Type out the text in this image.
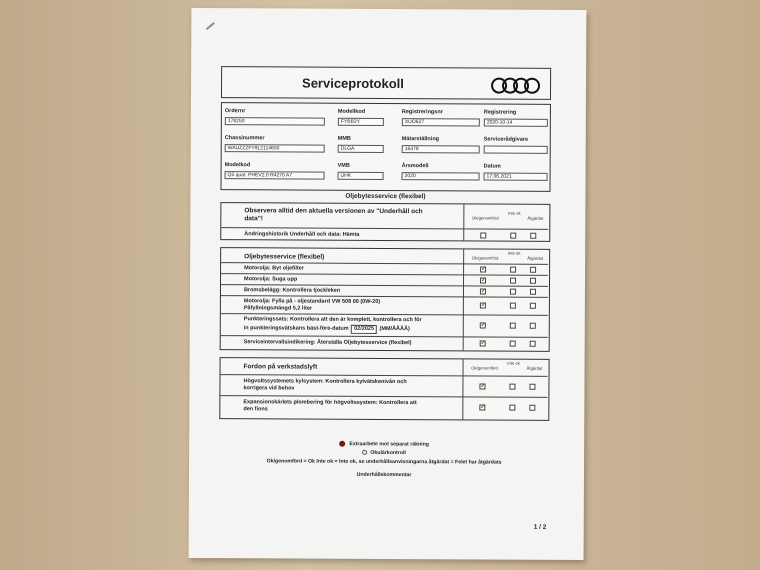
Serviceprotokoll
Ordernr
178250
Modellkod
FYBB2Y
Registreringsnr
XUO627
Registrering
2020-10-14
Chassinummer
WAUZZZFY9L2114650
MMB
DLGA
Mätarställning
16478
Servicerådgivare
Modelkod
Q5 quat. PHEV2.0 R4270 A7
VMB
UHK
Årsmodell
2020
Datum
17.06.2021
Oljebytesservice (flexibel)
Observera alltid den aktuella versionen av "Underhåll och
data"!	Ok/genomförd
Inte ok
Åtgärdat
Ändringshistorik Underhåll och data: Hämta
Oljebytesservice (flexibel)	Ok/genomförd
Inte ok
Åtgärdat
Motorolja: Byt oljefilter	✓
Motorolja: Suga upp	✓
Bromsbelägg: Kontrollera tjockleken	✓
Motorolja: Fylla på - oljestandard VW 508 00 (0W-20)
Påfyllningsmängd 5,2 liter	✓
Punkteringssats: Kontrollera att den är komplett, kontrollera och för
in punkteringsvätskans bäst-före-datum 02/2025 (MM/ÅÅÅÅ)
✓
Serviceintervallsindikering: Återställa Oljebytesservice (flexibel)	✓
Fordon på verkstadslyft	Ok/genomförd
Inte ok
Åtgärdat
Högvoltssystemets kylsystem: Kontrollera kylvätskenivån och
korrigera vid behov	✓
Expansionskärlets plombering för högvoltssystem: Kontrollera att
den finns	✓
Extraarbete mot separat räkning
Okulärkontroll
Ok/genomförd = Ok Inte ok = Inte ok, se underhållsanvisningarna åtgärdat = Felet har åtgärdats
Underhållskommentar
1 / 2
